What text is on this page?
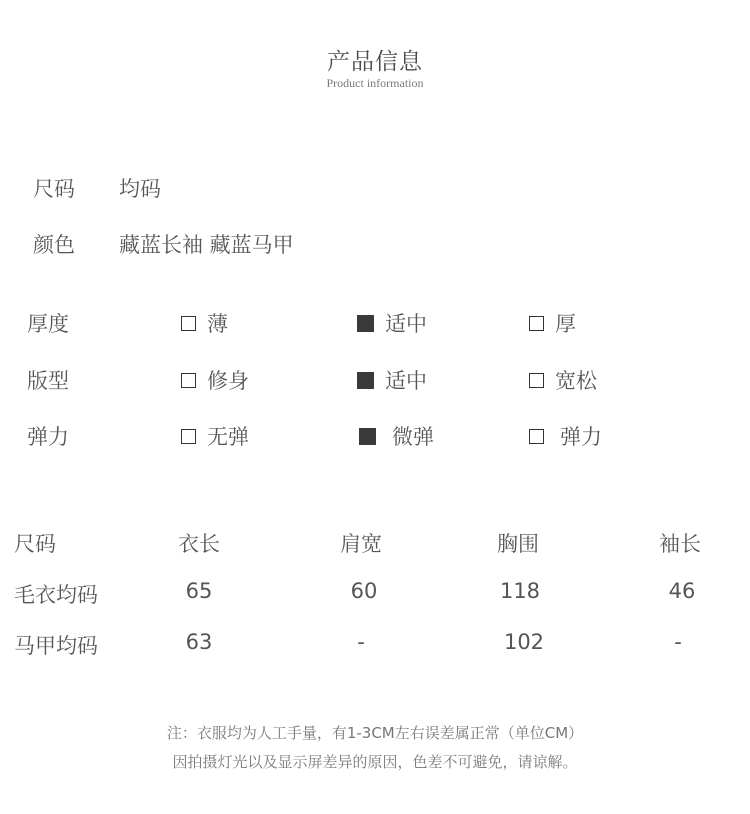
产品信息
Product information
尺码 均码
颜色 藏蓝长袖 藏蓝马甲
厚度	薄	适中	厚
版型	修身	适中	宽松
弹力	无弹	微弹	弹力
尺码	衣长	肩宽	胸围	袖长
毛衣均码	65	60	118	46
马甲均码	63	-	102	-
注：衣服均为人工手量，有1-3CM左右误差属正常（单位CM）
因拍摄灯光以及显示屏差异的原因，色差不可避免，请谅解。
